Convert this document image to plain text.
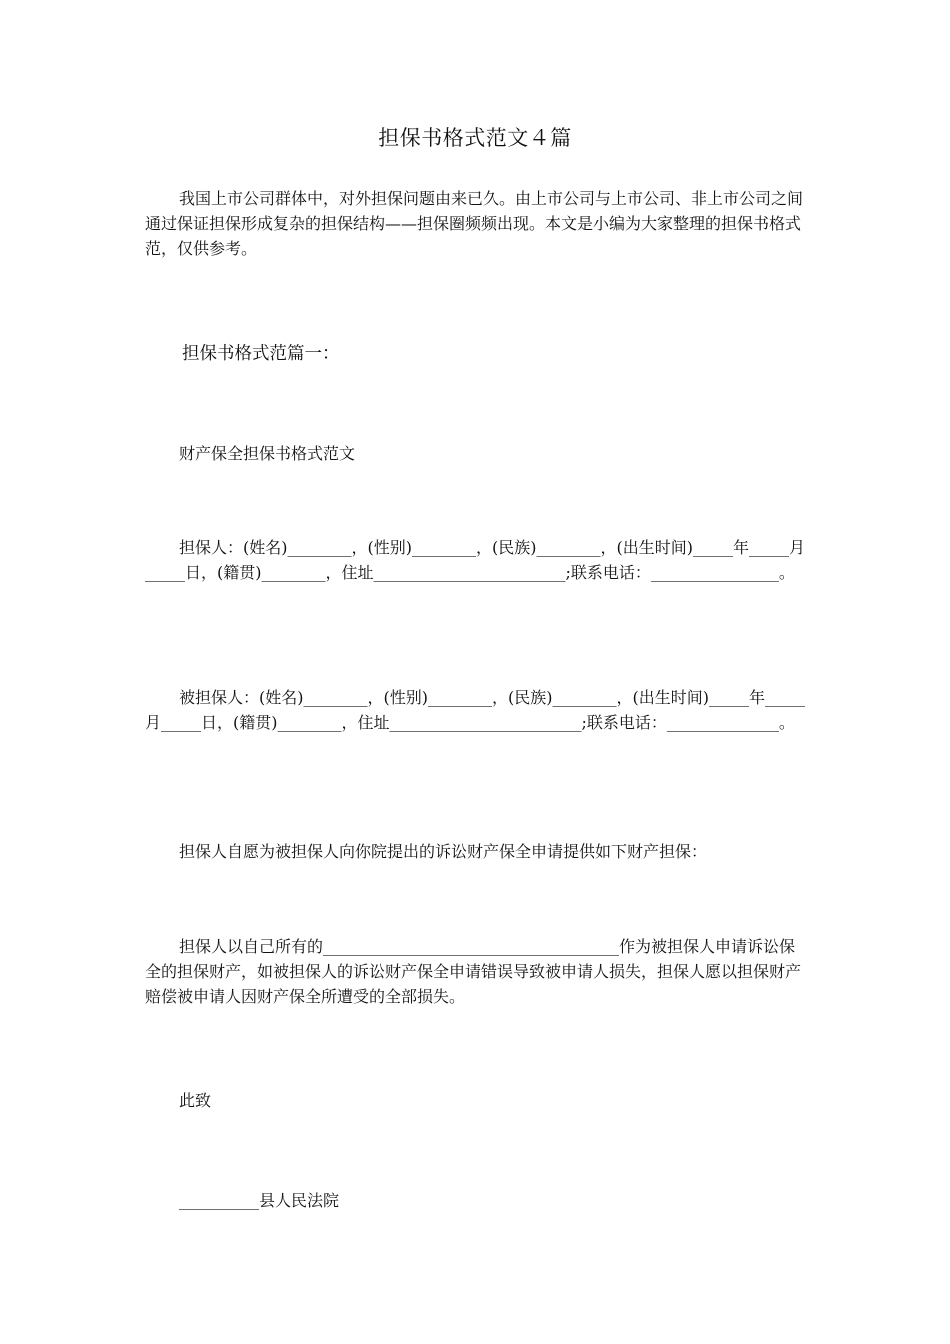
担保书格式范文４篇

我国上市公司群体中，对外担保问题由来已久。由上市公司与上市公司、非上市公司之间通过保证担保形成复杂的担保结构——担保圈频频出现。本文是小编为大家整理的担保书格式范，仅供参考。

担保书格式范篇一：
财产保全担保书格式范文

担保人：(姓名)________，(性别)________，(民族)________，(出生时间)_____年_____月_____日，(籍贯)________，住址________________________;联系电话：________________。

被担保人：(姓名)________，(性别)________，(民族)________，(出生时间)_____年_____月_____日，(籍贯)________，住址________________________;联系电话：______________。

担保人自愿为被担保人向你院提出的诉讼财产保全申请提供如下财产担保：

担保人以自己所有的_____________________________________作为被担保人申请诉讼保全的担保财产，如被担保人的诉讼财产保全申请错误导致被申请人损失，担保人愿以担保财产赔偿被申请人因财产保全所遭受的全部损失。

此致
__________县人民法院
